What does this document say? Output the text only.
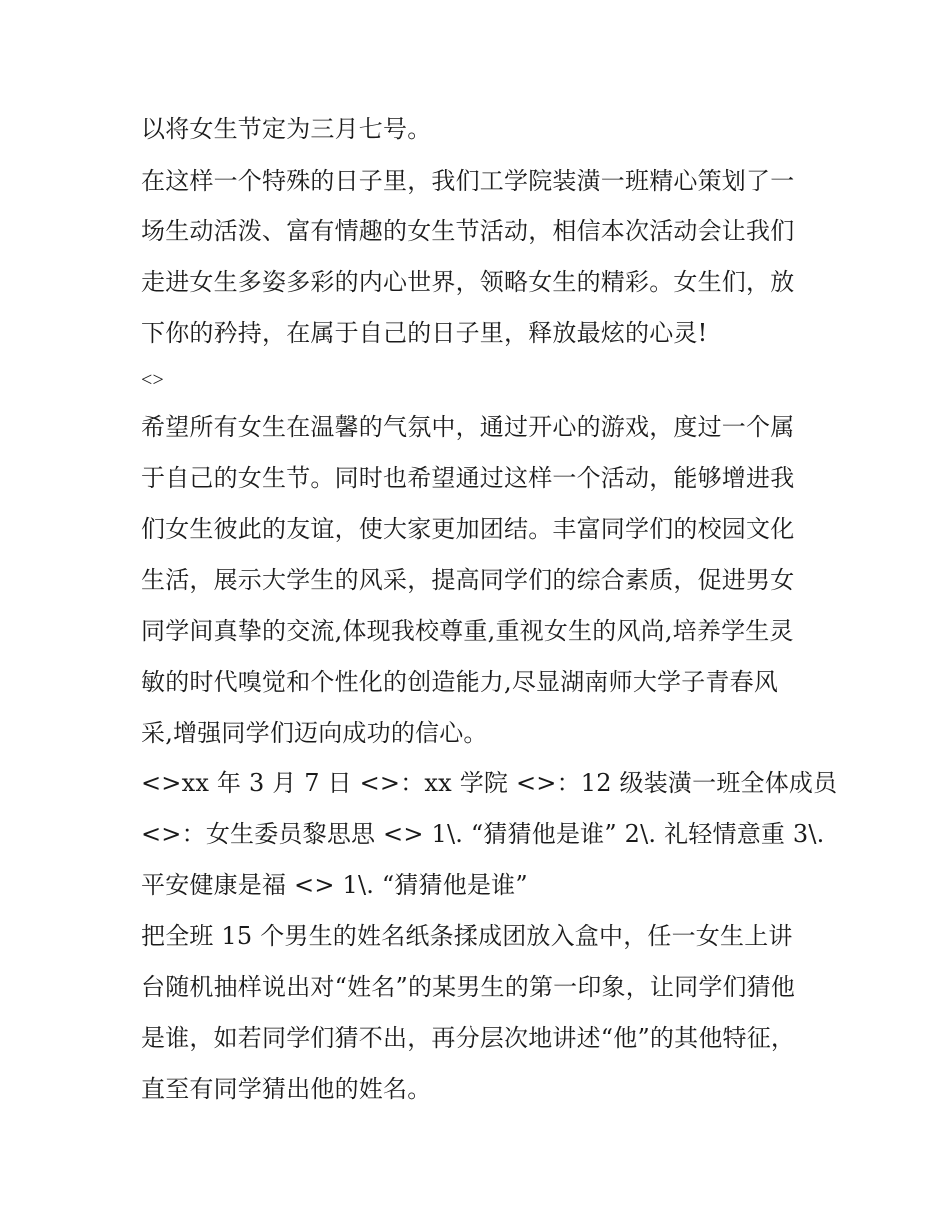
以将女生节定为三月七号。
在这样一个特殊的日子里，我们工学院装潢一班精心策划了一
场生动活泼、富有情趣的女生节活动，相信本次活动会让我们
走进女生多姿多彩的内心世界，领略女生的精彩。女生们，放
下你的矜持，在属于自己的日子里，释放最炫的心灵!
<>
希望所有女生在温馨的气氛中，通过开心的游戏，度过一个属
于自己的女生节。同时也希望通过这样一个活动，能够增进我
们女生彼此的友谊，使大家更加团结。丰富同学们的校园文化
生活，展示大学生的风采，提高同学们的综合素质，促进男女
同学间真挚的交流,体现我校尊重,重视女生的风尚,培养学生灵
敏的时代嗅觉和个性化的创造能力,尽显湖南师大学子青春风
采,增强同学们迈向成功的信心。
<>xx 年 3 月 7 日 <>：xx 学院 <>：12 级装潢一班全体成员
<>：女生委员黎思思 <> 1\. “猜猜他是谁” 2\. 礼轻情意重 3\.
平安健康是福 <> 1\. “猜猜他是谁”
把全班 15 个男生的姓名纸条揉成团放入盒中，任一女生上讲
台随机抽样说出对“姓名”的某男生的第一印象，让同学们猜他
是谁，如若同学们猜不出，再分层次地讲述“他”的其他特征，
直至有同学猜出他的姓名。
